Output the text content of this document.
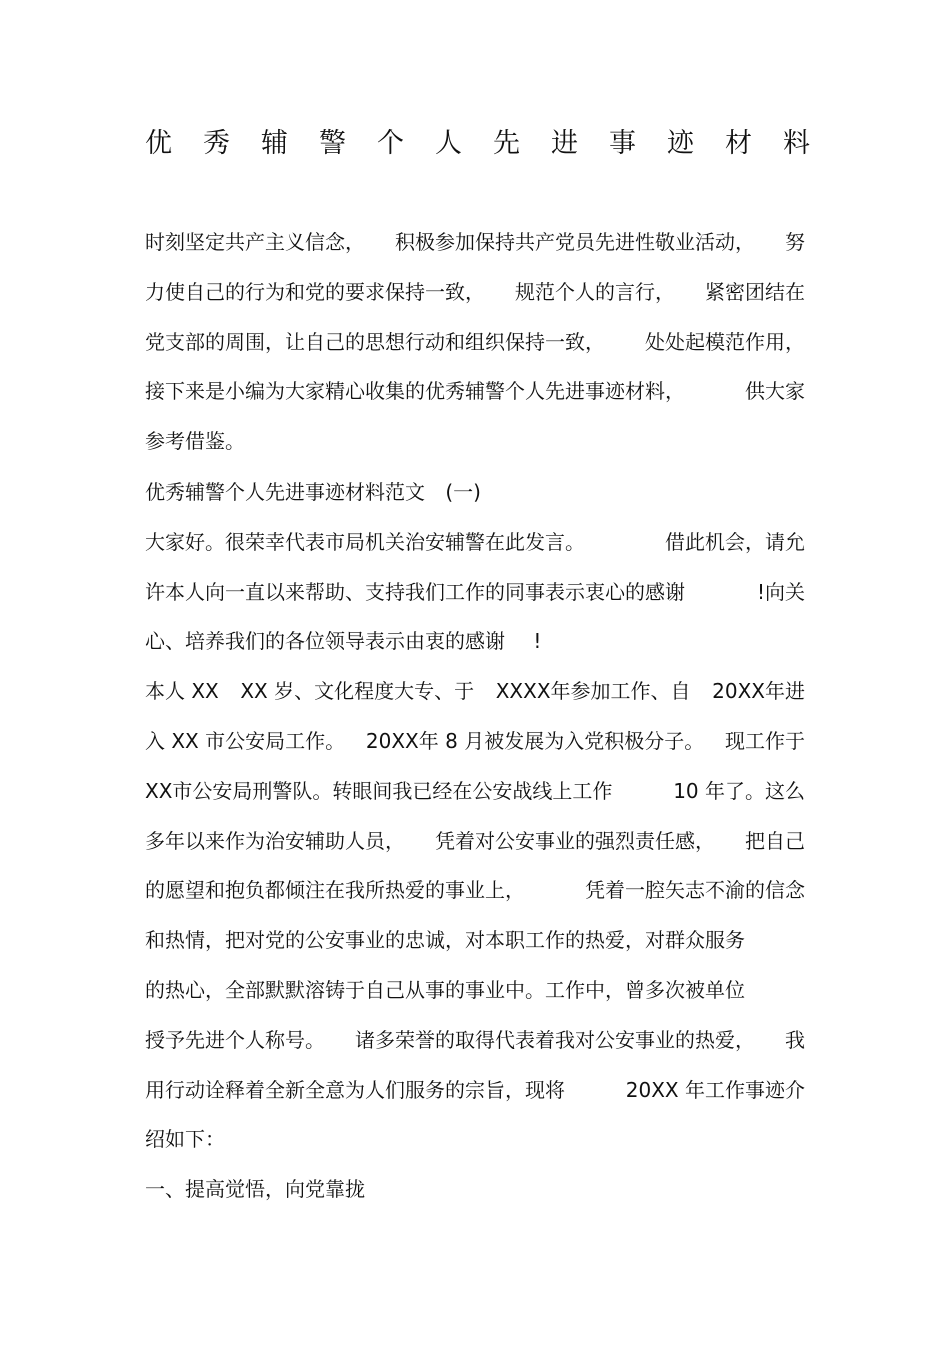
优 秀 辅 警 个 人 先 进 事 迹 材 料
时刻坚定共产主义信念， 积极参加保持共产党员先进性敬业活动， 努
力使自己的行为和党的要求保持一致， 规范个人的言行， 紧密团结在
党支部的周围，让自己的思想行动和组织保持一致， 处处起模范作用，
接下来是小编为大家精心收集的优秀辅警个人先进事迹材料，	供大家
参考借鉴。
优秀辅警个人先进事迹材料范文 (一)
大家好。很荣幸代表市局机关治安辅警在此发言。	借此机会，请允
许本人向一直以来帮助、支持我们工作的同事表示衷心的感谢	!向关
心、培养我们的各位领导表示由衷的感谢 !
本人 XX XX 岁、文化程度大专、于 XXXX年参加工作、自 20XX年进
入 XX 市公安局工作。 20XX年 8 月被发展为入党积极分子。 现工作于
XX市公安局刑警队。转眼间我已经在公安战线上工作	10 年了。这么
多年以来作为治安辅助人员， 凭着对公安事业的强烈责任感， 把自己
的愿望和抱负都倾注在我所热爱的事业上，	凭着一腔矢志不渝的信念
和热情，把对党的公安事业的忠诚，对本职工作的热爱，对群众服务
的热心，全部默默溶铸于自己从事的事业中。工作中，曾多次被单位
授予先进个人称号。 诸多荣誉的取得代表着我对公安事业的热爱， 我
用行动诠释着全新全意为人们服务的宗旨，现将	20XX 年工作事迹介
绍如下：
一、提高觉悟，向党靠拢
